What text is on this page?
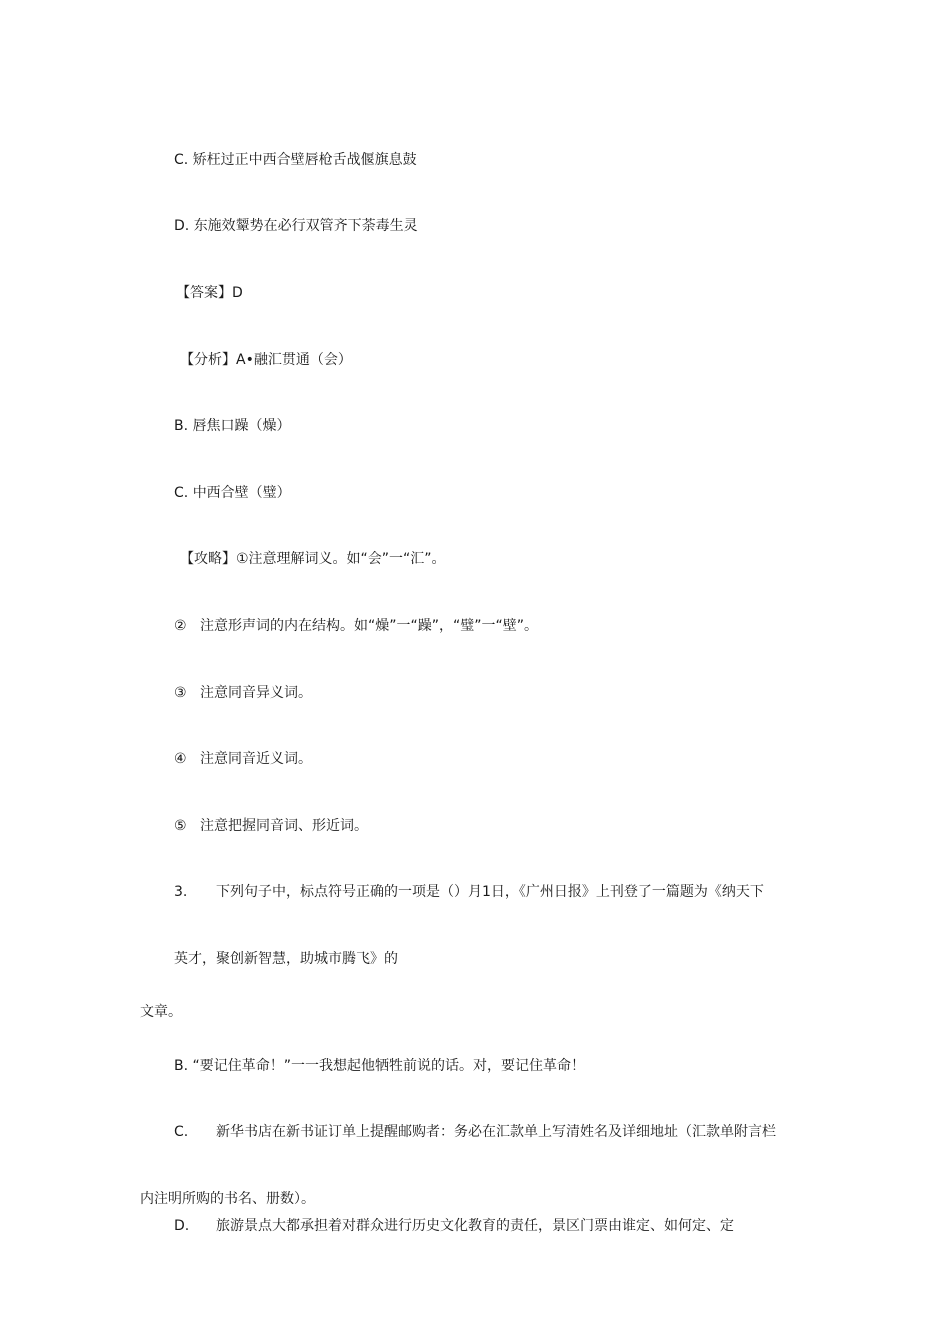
C. 矫枉过正中西合壁唇枪舌战偃旗息鼓
D. 东施效颦势在必行双管齐下荼毒生灵
【答案】D
【分析】A•融汇贯通（会）
B. 唇焦口躁（燥）
C. 中西合壁（璧）
【攻略】①注意理解词义。如“会”一“汇”。
② 注意形声词的内在结构。如“燥”一“躁”，“璧”一“壁”。
③ 注意同音异义词。
④ 注意同音近义词。
⑤ 注意把握同音词、形近词。
3. 下列句子中，标点符号正确的一项是（）月1日，《广州日报》上刊登了一篇题为《纳天下
英才，聚创新智慧，助城市腾飞》的
文章。
B. “要记住革命！”一一我想起他牺牲前说的话。对，要记住革命！
C. 新华书店在新书证订单上提醒邮购者：务必在汇款单上写清姓名及详细地址（汇款单附言栏
内注明所购的书名、册数）。
D. 旅游景点大都承担着对群众进行历史文化教育的责任，景区门票由谁定、如何定、定
